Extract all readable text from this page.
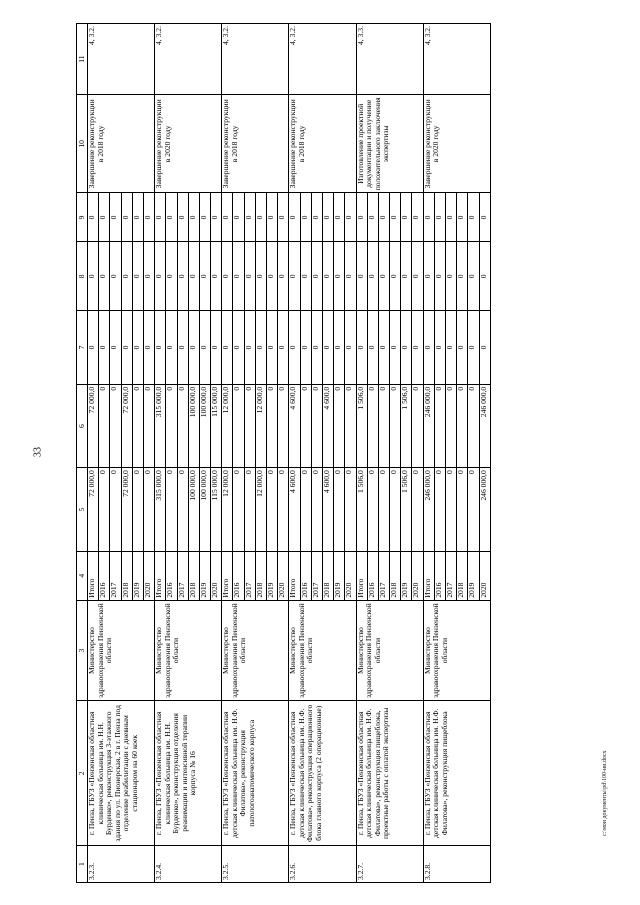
33
1	2	3	4	5	6	7	8	9	10	11
3.2.3.	г. Пенза, ГБУЗ «Пензенская областная клиническая больница им. Н.Н. Бурденко», реконструкция 3-этажного здания по ул. Пионерская, 2 в г. Пенза под отделение реабилитации с дневным стационаром на 60 коек	Министерство здравоохранения Пензенской области	Итого	72 000,0	72 000,0	0	0	0	Завершение реконструкции в 2018 году	4, 3.2.
			2016	0	0	0	0	0		
			2017	0	0	0	0	0		
			2018	72 000,0	72 000,0	0	0	0		
			2019	0	0	0	0	0		
			2020	0	0	0	0	0		
3.2.4.	г. Пенза, ГБУЗ «Пензенская областная клиническая больница им. Н.Н. Бурденко», реконструкция отделения реанимации и интенсивной терапии корпуса № 16	Министерство здравоохранения Пензенской области	Итого	315 000,0	315 000,0	0	0	0	Завершение реконструкции в 2020 году	4, 3.2.
			2016	0	0	0	0	0		
			2017	0	0	0	0	0		
			2018	100 000,0	100 000,0	0	0	0		
			2019	100 000,0	100 000,0	0	0	0		
			2020	115 000,0	115 000,0	0	0	0		
3.2.5.	г. Пенза, ГБУЗ «Пензенская областная детская клиническая больница им. Н.Ф. Филатова», реконструкция патологоанатомического корпуса	Министерство здравоохранения Пензенской области	Итого	12 000,0	12 000,0	0	0	0	Завершение реконструкции в 2018 году	4, 3.2.
			2016	0	0	0	0	0		
			2017	0	0	0	0	0		
			2018	12 000,0	12 000,0	0	0	0		
			2019	0	0	0	0	0		
			2020	0	0	0	0	0		
3.2.6.	г. Пенза, ГБУЗ «Пензенская областная детская клиническая больница им. Н.Ф. Филатова», реконструкция операционного блока главного корпуса (2 операционные)	Министерство здравоохранения Пензенской области	Итого	4 600,0	4 600,0	0	0	0	Завершение реконструкции в 2018 году	4, 3.2.
			2016	0	0	0	0	0		
			2017	0	0	0	0	0		
			2018	4 600,0	4 600,0	0	0	0		
			2019	0	0	0	0	0		
			2020	0	0	0	0	0		
3.2.7.	г. Пенза, ГБУЗ «Пензенская областная детская клиническая больница им. Н.Ф. Филатова», реконструкция пищеблока, проектные работы с оплатой экспертизы	Министерство здравоохранения Пензенской области	Итого	1 506,0	1 506,0	0	0	0	Изготовление проектной документации и получение положительного заключения экспертизы	4, 3.3.
			2016	0	0	0	0	0		
			2017	0	0	0	0	0		
			2018	0	0	0	0	0		
			2019	1 506,0	1 506,0	0	0	0		
			2020	0	0	0	0	0		
3.2.8.	г. Пенза, ГБУЗ «Пензенская областная детская клиническая больница им. Н.Ф. Филатова», реконструкция пищеблока	Министерство здравоохранения Пензенской области	Итого	246 000,0	246 000,0	0	0	0	Завершение реконструкции в 2020 году	4, 3.2.
			2016	0	0	0	0	0		
			2017	0	0	0	0	0		
			2018	0	0	0	0	0		
			2019	0	0	0	0	0		
			2020	246 000,0	246 000,0	0	0	0		
c:\мои документы\pd\100-ии.docx
